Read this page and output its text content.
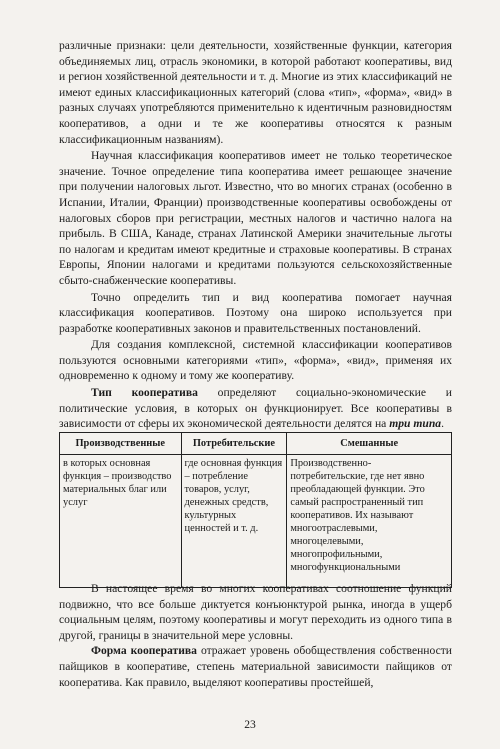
различные признаки: цели деятельности, хозяйственные функции, категория объединяемых лиц, отрасль экономики, в которой работают кооперативы, вид и регион хозяйственной деятельности и т. д. Многие из этих классификаций не имеют единых классификационных категорий (слова «тип», «форма», «вид» в разных случаях употребляются применительно к идентичным разновидностям кооперативов, а одни и те же кооперативы относятся к разным классификационным названиям).

Научная классификация кооперативов имеет не только теоретическое значение. Точное определение типа кооператива имеет решающее значение при получении налоговых льгот. Известно, что во многих странах (особенно в Испании, Италии, Франции) производственные кооперативы освобождены от налоговых сборов при регистрации, местных налогов и частично налога на прибыль. В США, Канаде, странах Латинской Америки значительные льготы по налогам и кредитам имеют кредитные и страховые кооперативы. В странах Европы, Японии налогами и кредитами пользуются сельскохозяйственные сбыто-снабженческие кооперативы.

Точно определить тип и вид кооператива помогает научная классификация кооперативов. Поэтому она широко используется при разработке кооперативных законов и правительственных постановлений.

Для создания комплексной, системной классификации кооперативов пользуются основными категориями «тип», «форма», «вид», применяя их одновременно к одному и тому же кооперативу.

Тип кооператива определяют социально-экономические и политические условия, в которых он функционирует. Все кооперативы в зависимости от сферы их экономической деятельности делятся на три типа.

Производственные	Потребительские	Смешанные
в которых основная функция – производство материальных благ или услуг	где основная функция – потребление товаров, услуг, денежных средств, культурных ценностей и т. д.	Производственно-потребительские, где нет явно преобладающей функции. Это самый распространенный тип кооперативов. Их называют многоотраслевыми, многоцелевыми, многопрофильными, многофункциональными

В настоящее время во многих кооперативах соотношение функций подвижно, что все больше диктуется конъюнктурой рынка, иногда в ущерб социальным целям, поэтому кооперативы и могут переходить из одного типа в другой, границы в значительной мере условны.

Форма кооператива отражает уровень обобществления собственности пайщиков в кооперативе, степень материальной зависимости пайщиков от кооператива. Как правило, выделяют кооперативы простейшей,

23
